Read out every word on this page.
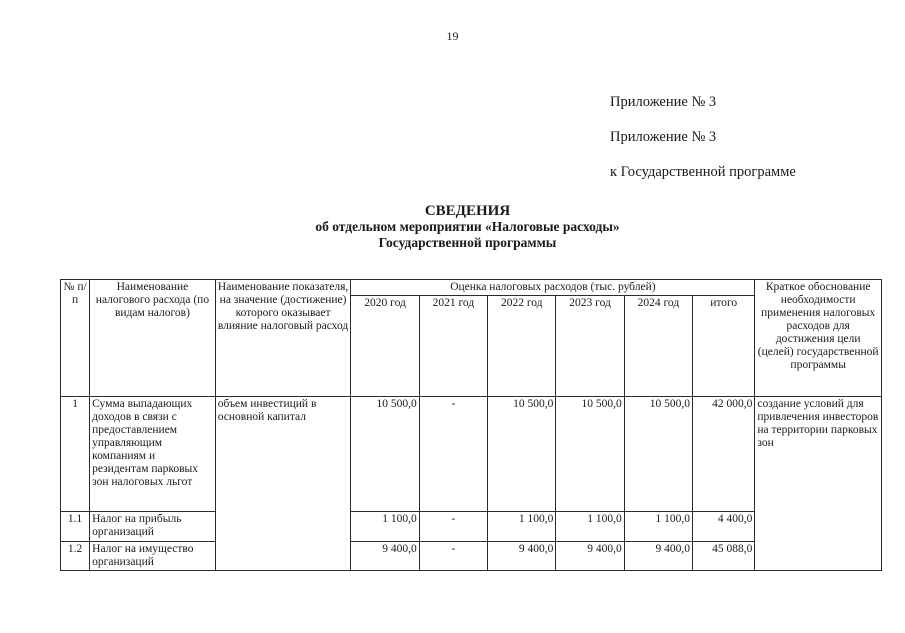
19
Приложение № 3
Приложение № 3
к Государственной программе
СВЕДЕНИЯ
об отдельном мероприятии «Налоговые расходы»
Государственной программы
№ п/п	Наименование налогового расхода (по видам налогов)	Наименование показателя, на значение (достижение) которого оказывает влияние налоговый расход	Оценка налоговых расходов (тыс. рублей)						Краткое обоснование необходимости применения налоговых расходов для достижения цели (целей) государственной программы
			2020 год	2021 год	2022 год	2023 год	2024 год	итого	
1	Сумма выпадающих доходов в связи с предоставлением управляющим компаниям и резидентам парковых зон налоговых льгот	объем инвестиций в основной капитал	10 500,0	-	10 500,0	10 500,0	10 500,0	42 000,0	создание условий для привлечения инвесторов на территории парковых зон
1.1	Налог на прибыль организаций		1 100,0	-	1 100,0	1 100,0	1 100,0	4 400,0	
1.2	Налог на имущество организаций		9 400,0	-	9 400,0	9 400,0	9 400,0	45 088,0	
